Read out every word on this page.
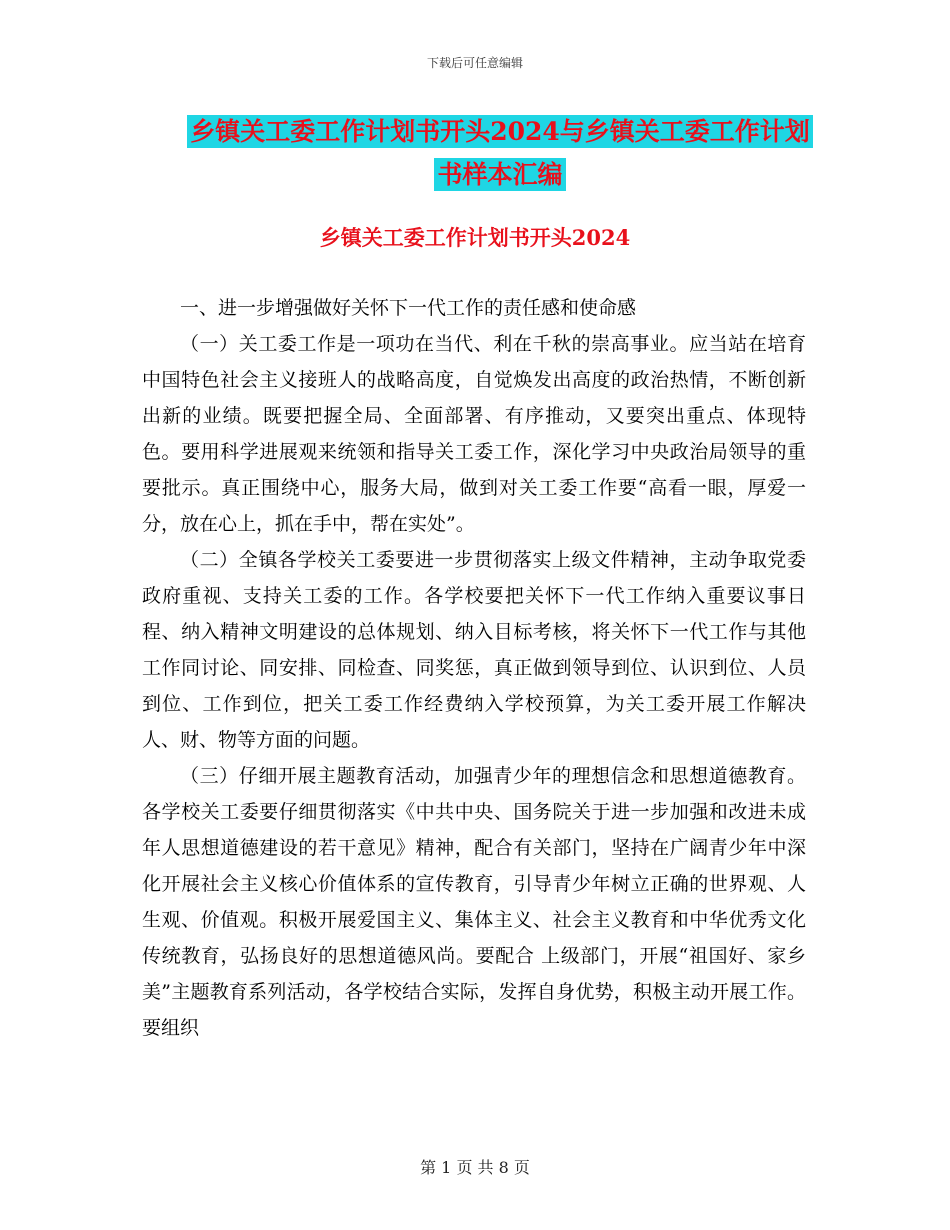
下载后可任意编辑
乡镇关工委工作计划书开头2024与乡镇关工委工作计划书样本汇编
乡镇关工委工作计划书开头2024

一、进一步增强做好关怀下一代工作的责任感和使命感

（一）关工委工作是一项功在当代、利在千秋的崇高事业。应当站在培育中国特色社会主义接班人的战略高度，自觉焕发出高度的政治热情，不断创新出新的业绩。既要把握全局、全面部署、有序推动，又要突出重点、体现特色。要用科学进展观来统领和指导关工委工作，深化学习中央政治局领导的重要批示。真正围绕中心，服务大局，做到对关工委工作要“高看一眼，厚爱一分，放在心上，抓在手中，帮在实处”。

（二）全镇各学校关工委要进一步贯彻落实上级文件精神，主动争取党委政府重视、支持关工委的工作。各学校要把关怀下一代工作纳入重要议事日程、纳入精神文明建设的总体规划、纳入目标考核，将关怀下一代工作与其他工作同讨论、同安排、同检查、同奖惩，真正做到领导到位、认识到位、人员到位、工作到位，把关工委工作经费纳入学校预算，为关工委开展工作解决人、财、物等方面的问题。

（三）仔细开展主题教育活动，加强青少年的理想信念和思想道德教育。各学校关工委要仔细贯彻落实《中共中央、国务院关于进一步加强和改进未成年人思想道德建设的若干意见》精神，配合有关部门，坚持在广阔青少年中深化开展社会主义核心价值体系的宣传教育，引导青少年树立正确的世界观、人生观、价值观。积极开展爱国主义、集体主义、社会主义教育和中华优秀文化传统教育，弘扬良好的思想道德风尚。要配合 上级部门，开展“祖国好、家乡美”主题教育系列活动，各学校结合实际，发挥自身优势，积极主动开展工作。要组织

第 1 页 共 8 页
